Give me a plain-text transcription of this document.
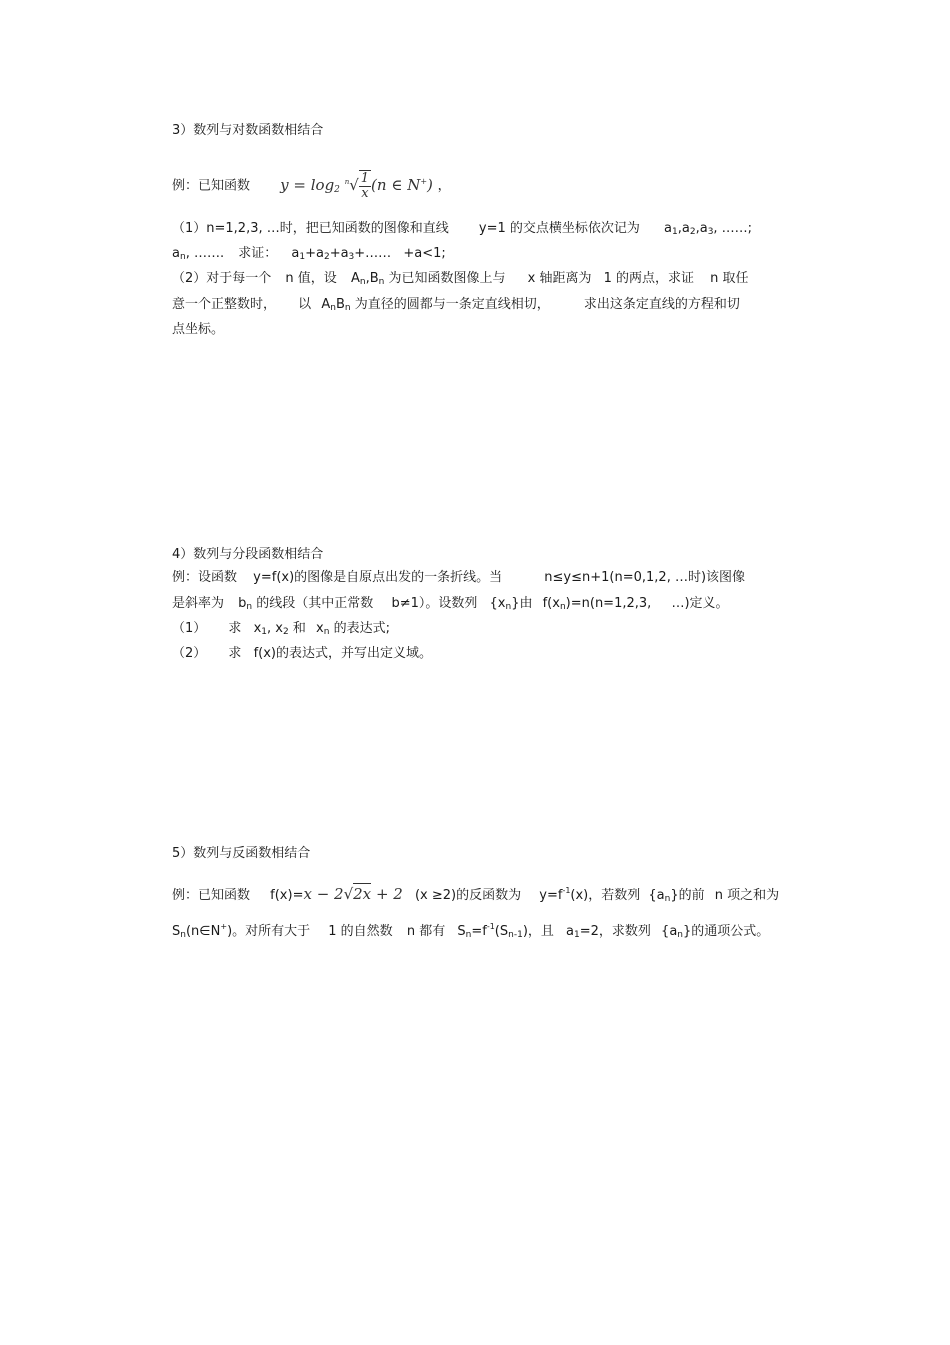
3）数列与对数函数相结合
例：已知函数 $y = \log_2 ^n√ \frac{1}{x} (n$ ∈ N+) ，
（1）n=1,2,3, …时，把已知函数的图像和直线 y=1 的交点横坐标依次记为 $a_1,a_2,a_3$, ……;
$a_n$, ……. 求证： $a_1+a_2+a_3+\dots\dots +a<1$;
（2）对于每一个 n 值，设 $A_n,B_n$ 为已知函数图像上与 x 轴距离为 1 的两点，求证 n 取任
意一个正整数时， 以 $A_nB_n$ 为直径的圆都与一条定直线相切，	求出这条定直线的方程和切
点坐标。
4）数列与分段函数相结合
例：设函数 y=f(x)的图像是自原点出发的一条折线。当	n≤y≤n+1(n=0,1,2, …时)该图像
是斜率为 $b_n$ 的线段（其中正常数 b≠1）。设数列 $\{x_n\}$由 $f(x_n)=n(n=1,2,3$, …)定义。
（1） 求 $x_1$, $x_2$ 和 $x_n$ 的表达式;
（2） 求 f(x)的表达式，并写出定义域。
5）数列与反函数相结合
例：已知函数 f(x)=x − 2√2x + 2 (x ≥2)的反函数为 $y=f^{-1}(x)$，若数列 $\{a_n\}$的前 n 项之和为
$S_n(n\in N^+)$。对所有大于 1 的自然数 n 都有 $S_n=f^{-1}(S_{n-1})$，且 $a_1=2$，求数列 $\{a_n\}$的通项公式。
